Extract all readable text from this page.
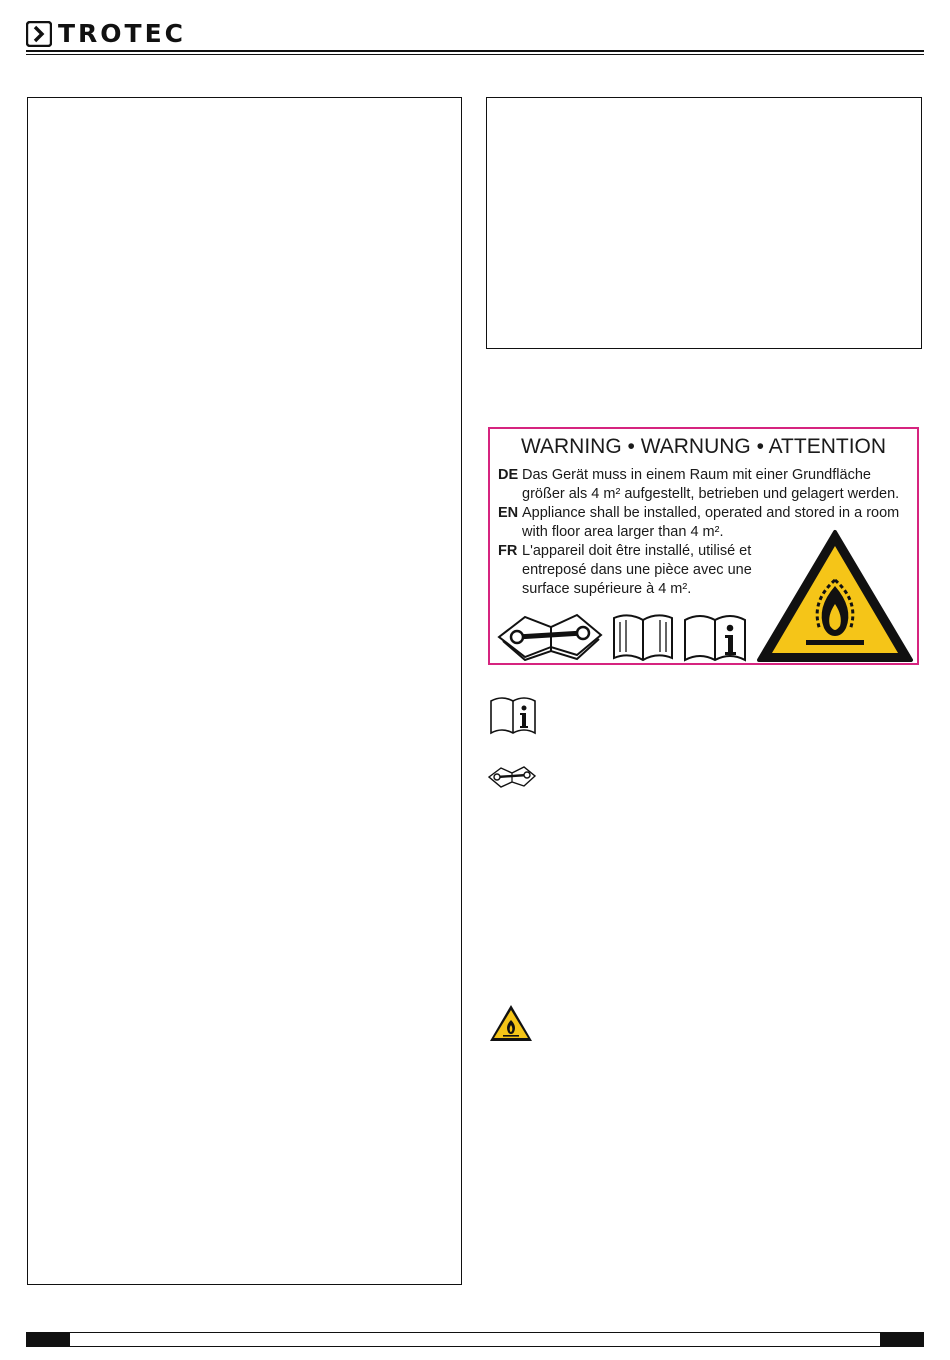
TROTEC
WARNING • WARNUNG • ATTENTION
DE Das Gerät muss in einem Raum mit einer Grundfläche
größer als 4 m² aufgestellt, betrieben und gelagert werden.
EN Appliance shall be installed, operated and stored in a room
with floor area larger than 4 m².
FR L'appareil doit être installé, utilisé et
entreposé dans une pièce avec une
surface supérieure à 4 m².
